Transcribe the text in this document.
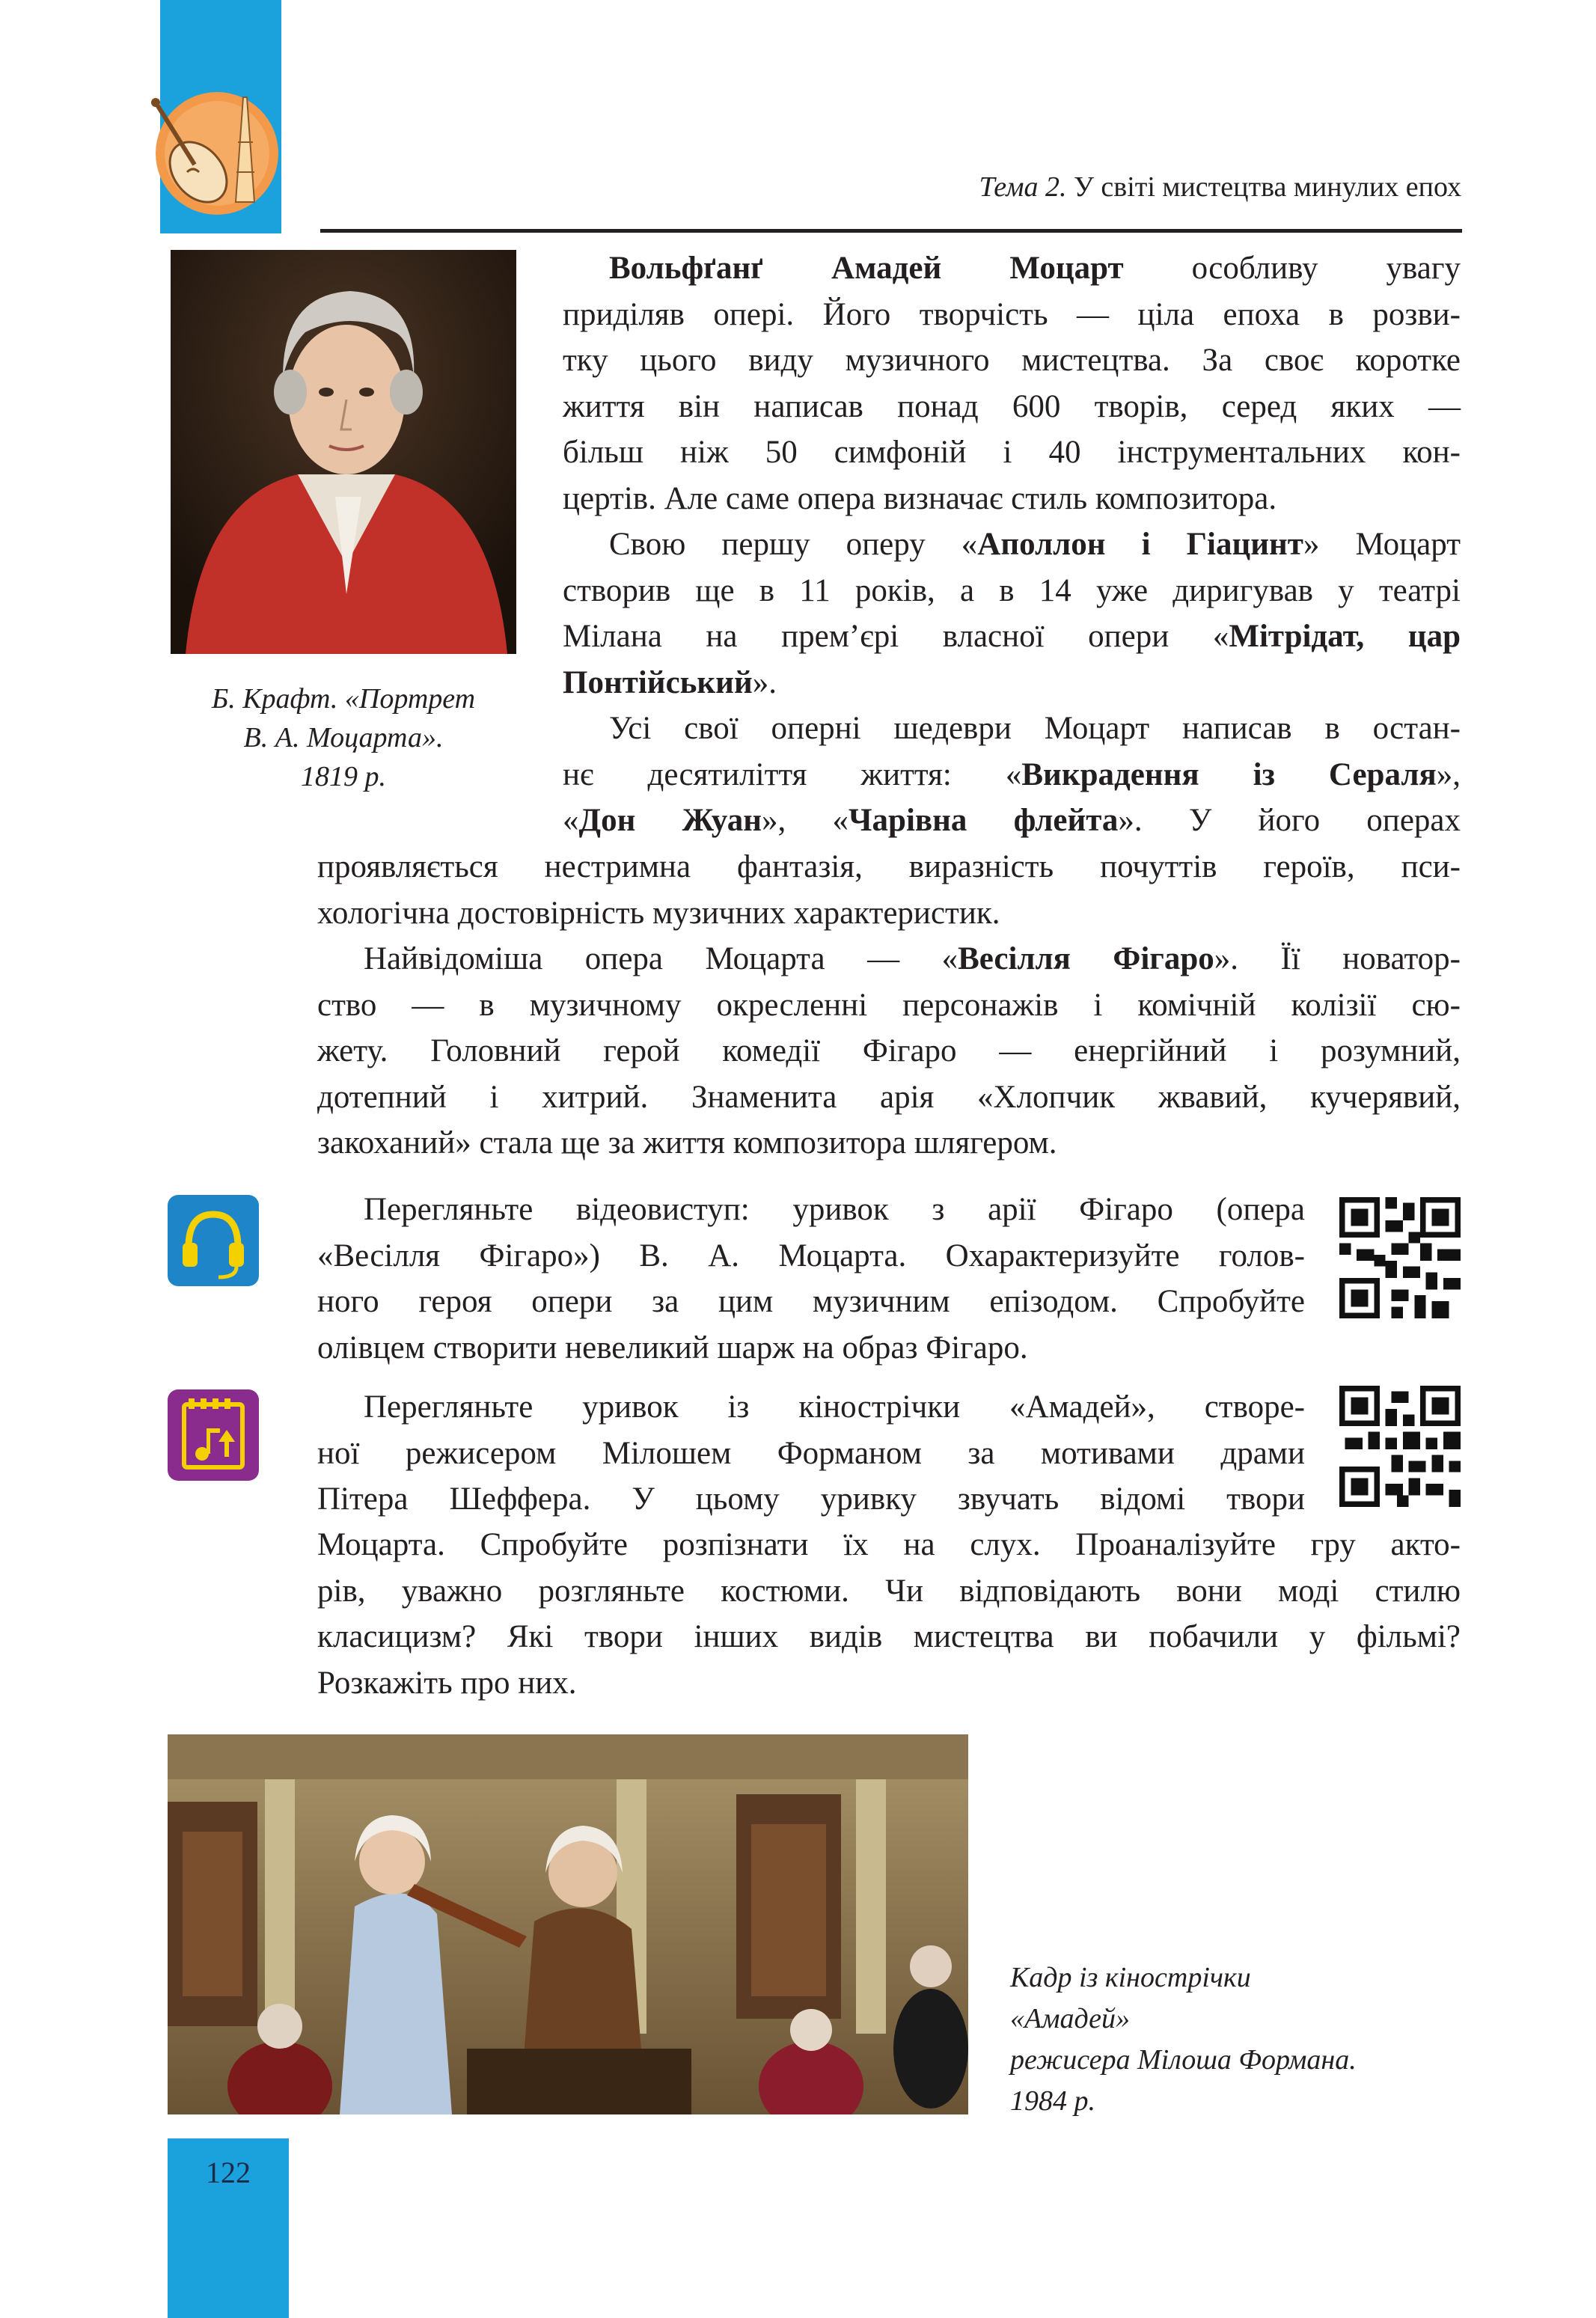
Тема 2. У світі мистецтва минулих епох
Б. Крафт. «Портрет
В. А. Моцарта».
1819 р.
Вольфґанґ Амадей Моцарт особливу увагу
приділяв опері. Його творчість — ціла епоха в розви-
тку цього виду музичного мистецтва. За своє коротке
життя він написав понад 600 творів, серед яких —
більш ніж 50 симфоній і 40 інструментальних кон-
цертів. Але саме опера визначає стиль композитора.
Свою першу оперу «Аполлон і Гіацинт» Моцарт
створив ще в 11 років, а в 14 уже диригував у театрі
Мілана на прем’єрі власної опери «Мітрідат, цар
Понтійський».
Усі свої оперні шедеври Моцарт написав в остан-
нє десятиліття життя: «Викрадення із Сераля»,
«Дон Жуан», «Чарівна флейта». У його операх
проявляється нестримна фантазія, виразність почуттів героїв, пси-
хологічна достовірність музичних характеристик.
Найвідоміша опера Моцарта — «Весілля Фігаро». Її новатор-
ство — в музичному окресленні персонажів і комічній колізії сю-
жету. Головний герой комедії Фігаро — енергійний і розумний,
дотепний і хитрий. Знаменита арія «Хлопчик жвавий, кучерявий,
закоханий» стала ще за життя композитора шлягером.
Перегляньте відеовиступ: уривок з арії Фігаро (опера
«Весілля Фігаро») В. А. Моцарта. Охарактеризуйте голов-
ного героя опери за цим музичним епізодом. Спробуйте
олівцем створити невеликий шарж на образ Фігаро.
Перегляньте уривок із кінострічки «Амадей», створе-
ної режисером Мілошем Форманом за мотивами драми
Пітера Шеффера. У цьому уривку звучать відомі твори
Моцарта. Спробуйте розпізнати їх на слух. Проаналізуйте гру акто-
рів, уважно розгляньте костюми. Чи відповідають вони моді стилю
класицизм? Які твори інших видів мистецтва ви побачили у фільмі?
Розкажіть про них.
Кадр із кінострічки
«Амадей»
режисера Мілоша Формана.
1984 р.
122
